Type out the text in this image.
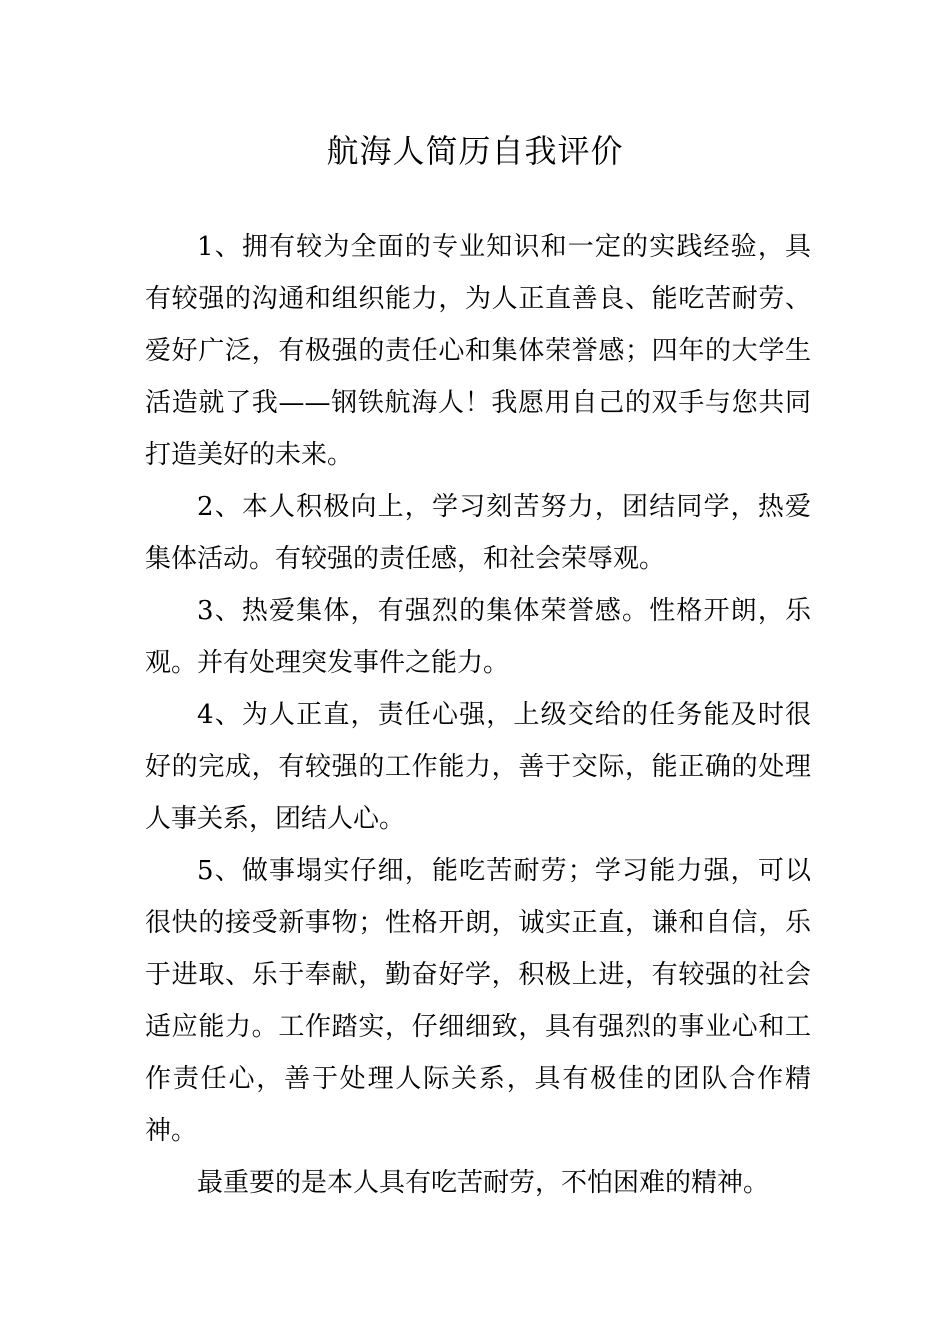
航海人简历自我评价

1、拥有较为全面的专业知识和一定的实践经验，具有较强的沟通和组织能力，为人正直善良、能吃苦耐劳、爱好广泛，有极强的责任心和集体荣誉感；四年的大学生活造就了我——钢铁航海人！我愿用自己的双手与您共同打造美好的未来。

2、本人积极向上，学习刻苦努力，团结同学，热爱集体活动。有较强的责任感，和社会荣辱观。

3、热爱集体，有强烈的集体荣誉感。性格开朗，乐观。并有处理突发事件之能力。

4、为人正直，责任心强，上级交给的任务能及时很好的完成，有较强的工作能力，善于交际，能正确的处理人事关系，团结人心。

5、做事塌实仔细，能吃苦耐劳；学习能力强，可以很快的接受新事物；性格开朗，诚实正直，谦和自信，乐于进取、乐于奉献，勤奋好学，积极上进，有较强的社会适应能力。工作踏实，仔细细致，具有强烈的事业心和工作责任心，善于处理人际关系，具有极佳的团队合作精神。

最重要的是本人具有吃苦耐劳，不怕困难的精神。
